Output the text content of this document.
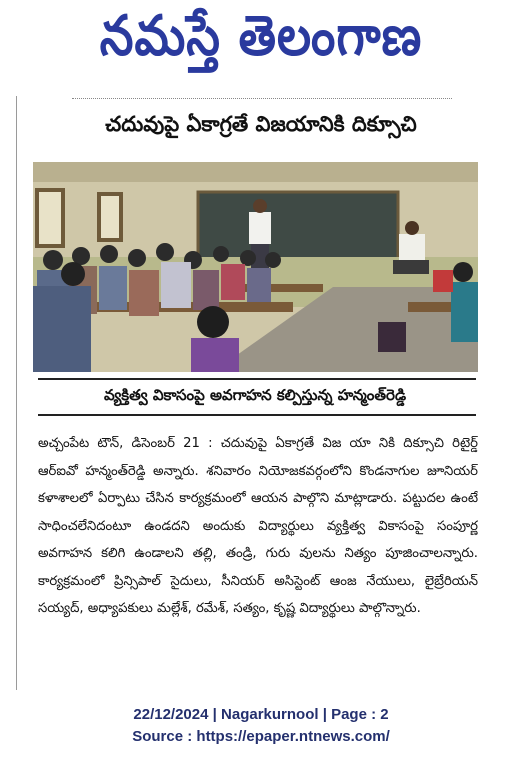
నమస్తే తెలంగాణ
చదువుపై ఏకాగ్రతే విజయానికి దిక్సూచి
వ్యక్తిత్వ వికాసంపై అవగాహన కల్పిస్తున్న హన్మంత్‌రెడ్డి
అచ్చంపేట టౌన్, డిసెంబర్ 21 : చదువుపై ఏకాగ్రతే విజ యా నికి దిక్సూచి రిటైర్డ్ ఆర్‌ఐవో హన్మంత్‌రెడ్డి అన్నారు. శనివారం నియోజకవర్గంలోని కొండనాగుల జూనియర్ కళాశాలలో ఏర్పాటు చేసిన కార్యక్రమంలో ఆయన పాల్గొని మాట్లాడారు. పట్టుదల ఉంటే సాధించలేనిదంటూ ఉండదని అందుకు విద్యార్థులు వ్యక్తిత్వ వికాసంపై సంపూర్ణ అవగాహన కలిగి ఉండాలని తల్లి, తండ్రి, గురు వులను నిత్యం పూజించాలన్నారు. కార్యక్రమంలో ప్రిన్సిపాల్ సైదులు, సీనియర్ అసిస్టెంట్ ఆంజ నేయులు, లైబ్రేరియన్ సయ్యద్, అధ్యాపకులు మల్లేశ్, రమేశ్, సత్యం, కృష్ణ విద్యార్థులు పాల్గొన్నారు.
22/12/2024 | Nagarkurnool | Page : 2
Source : https://epaper.ntnews.com/
